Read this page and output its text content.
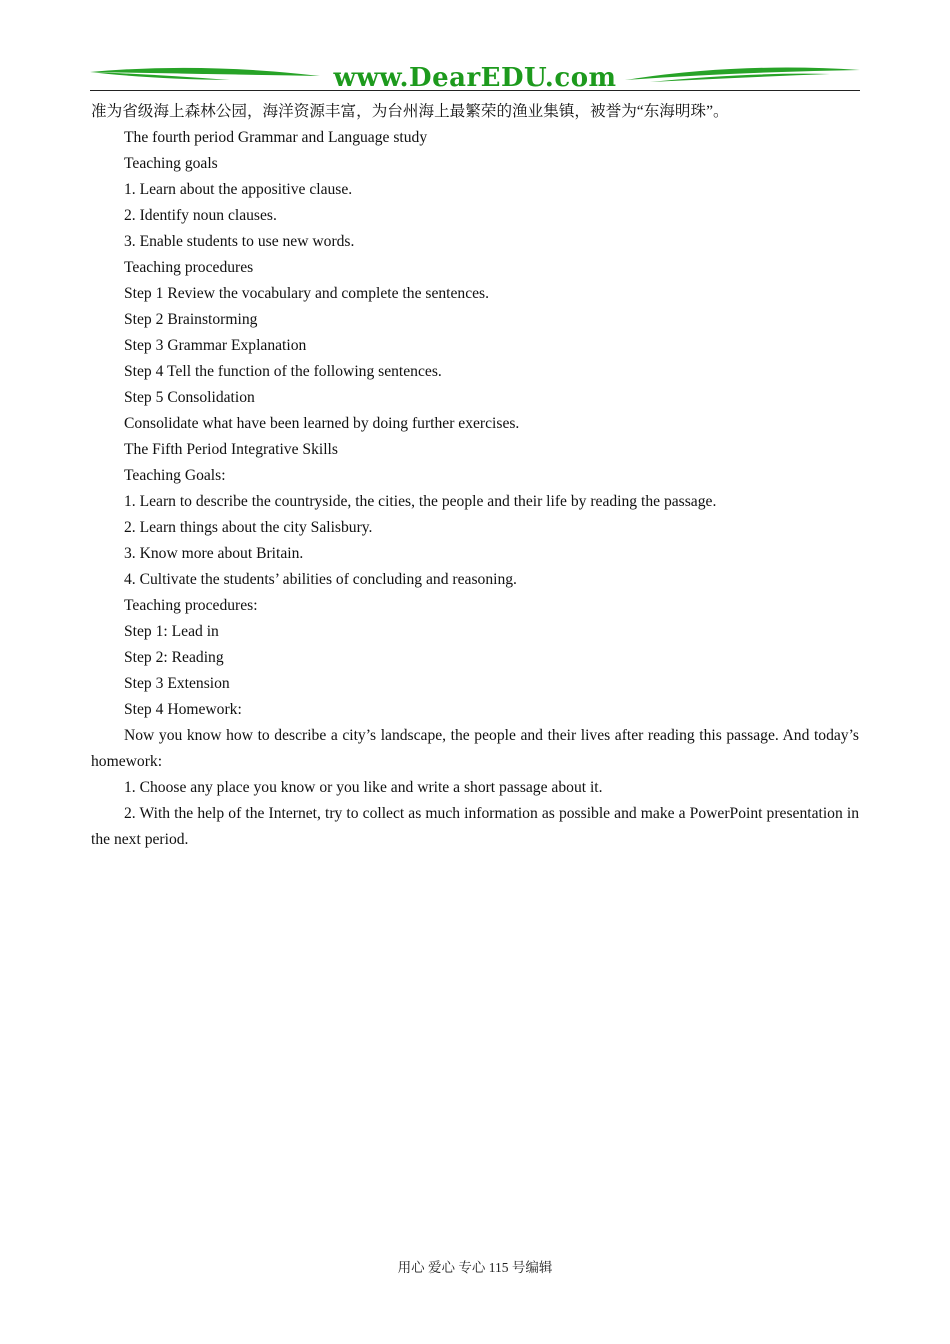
www.DearEDU.com

准为省级海上森林公园，海洋资源丰富，为台州海上最繁荣的渔业集镇，被誉为“东海明珠”。

The fourth period Grammar and Language study

Teaching goals

1. Learn about the appositive clause.

2. Identify noun clauses.

3. Enable students to use new words.

Teaching procedures

Step 1 Review the vocabulary and complete the sentences.

Step 2 Brainstorming

Step 3 Grammar Explanation

Step 4 Tell the function of the following sentences.

Step 5 Consolidation

Consolidate what have been learned by doing further exercises.

The Fifth Period Integrative Skills

Teaching Goals:

1. Learn to describe the countryside, the cities, the people and their life by reading the passage.

2. Learn things about the city Salisbury.

3. Know more about Britain.

4. Cultivate the students’ abilities of concluding and reasoning.

Teaching procedures:

Step 1: Lead in

Step 2: Reading

Step 3 Extension

Step 4 Homework:

Now you know how to describe a city’s landscape, the people and their lives after reading this passage. And today’s homework:

1. Choose any place you know or you like and write a short passage about it.

2. With the help of the Internet, try to collect as much information as possible and make a PowerPoint presentation in the next period.

用心 爱心 专心 115 号编辑
